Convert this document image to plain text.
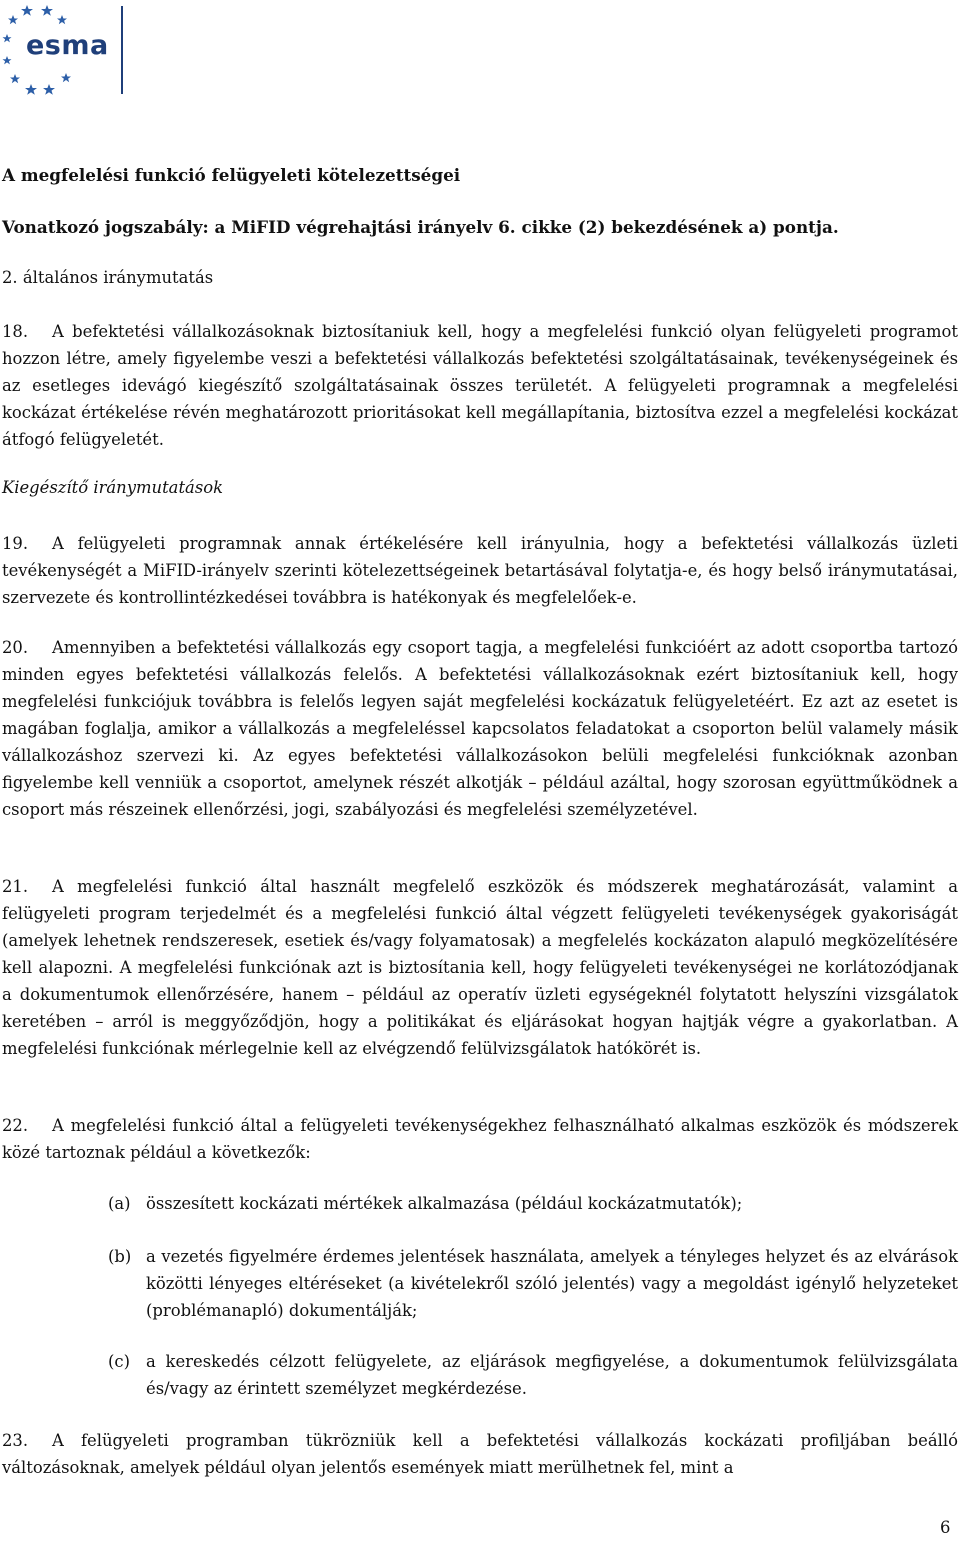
esma
A megfelelési funkció felügyeleti kötelezettségei
Vonatkozó jogszabály: a MiFID végrehajtási irányelv 6. cikke (2) bekezdésének a) pontja.
2. általános iránymutatás
18. A befektetési vállalkozásoknak biztosítaniuk kell, hogy a megfelelési funkció olyan felügyeleti programot hozzon létre, amely figyelembe veszi a befektetési vállalkozás befektetési szolgáltatásainak, tevékenységeinek és az esetleges idevágó kiegészítő szolgáltatásainak összes területét. A felügyeleti programnak a megfelelési kockázat értékelése révén meghatározott prioritásokat kell megállapítania, biztosítva ezzel a megfelelési kockázat átfogó felügyeletét.
Kiegészítő iránymutatások
19. A felügyeleti programnak annak értékelésére kell irányulnia, hogy a befektetési vállalkozás üzleti tevékenységét a MiFID-irányelv szerinti kötelezettségeinek betartásával folytatja-e, és hogy belső iránymutatásai, szervezete és kontrollintézkedései továbbra is hatékonyak és megfelelőek-e.
20. Amennyiben a befektetési vállalkozás egy csoport tagja, a megfelelési funkcióért az adott csoportba tartozó minden egyes befektetési vállalkozás felelős. A befektetési vállalkozásoknak ezért biztosítaniuk kell, hogy megfelelési funkciójuk továbbra is felelős legyen saját megfelelési kockázatuk felügyeletéért. Ez azt az esetet is magában foglalja, amikor a vállalkozás a megfeleléssel kapcsolatos feladatokat a csoporton belül valamely másik vállalkozáshoz szervezi ki. Az egyes befektetési vállalkozásokon belüli megfelelési funkcióknak azonban figyelembe kell venniük a csoportot, amelynek részét alkotják – például azáltal, hogy szorosan együttműködnek a csoport más részeinek ellenőrzési, jogi, szabályozási és megfelelési személyzetével.
21. A megfelelési funkció által használt megfelelő eszközök és módszerek meghatározását, valamint a felügyeleti program terjedelmét és a megfelelési funkció által végzett felügyeleti tevékenységek gyakoriságát (amelyek lehetnek rendszeresek, esetiek és/vagy folyamatosak) a megfelelés kockázaton alapuló megközelítésére kell alapozni. A megfelelési funkciónak azt is biztosítania kell, hogy felügyeleti tevékenységei ne korlátozódjanak a dokumentumok ellenőrzésére, hanem – például az operatív üzleti egységeknél folytatott helyszíni vizsgálatok keretében – arról is meggyőződjön, hogy a politikákat és eljárásokat hogyan hajtják végre a gyakorlatban. A megfelelési funkciónak mérlegelnie kell az elvégzendő felülvizsgálatok hatókörét is.
22. A megfelelési funkció által a felügyeleti tevékenységekhez felhasználható alkalmas eszközök és módszerek közé tartoznak például a következők:
(a) összesített kockázati mértékek alkalmazása (például kockázatmutatók);
(b) a vezetés figyelmére érdemes jelentések használata, amelyek a tényleges helyzet és az elvárások közötti lényeges eltéréseket (a kivételekről szóló jelentés) vagy a megoldást igénylő helyzeteket (problémanapló) dokumentálják;
(c) a kereskedés célzott felügyelete, az eljárások megfigyelése, a dokumentumok felülvizsgálata és/vagy az érintett személyzet megkérdezése.
23. A felügyeleti programban tükrözniük kell a befektetési vállalkozás kockázati profiljában beálló változásoknak, amelyek például olyan jelentős események miatt merülhetnek fel, mint a
6
